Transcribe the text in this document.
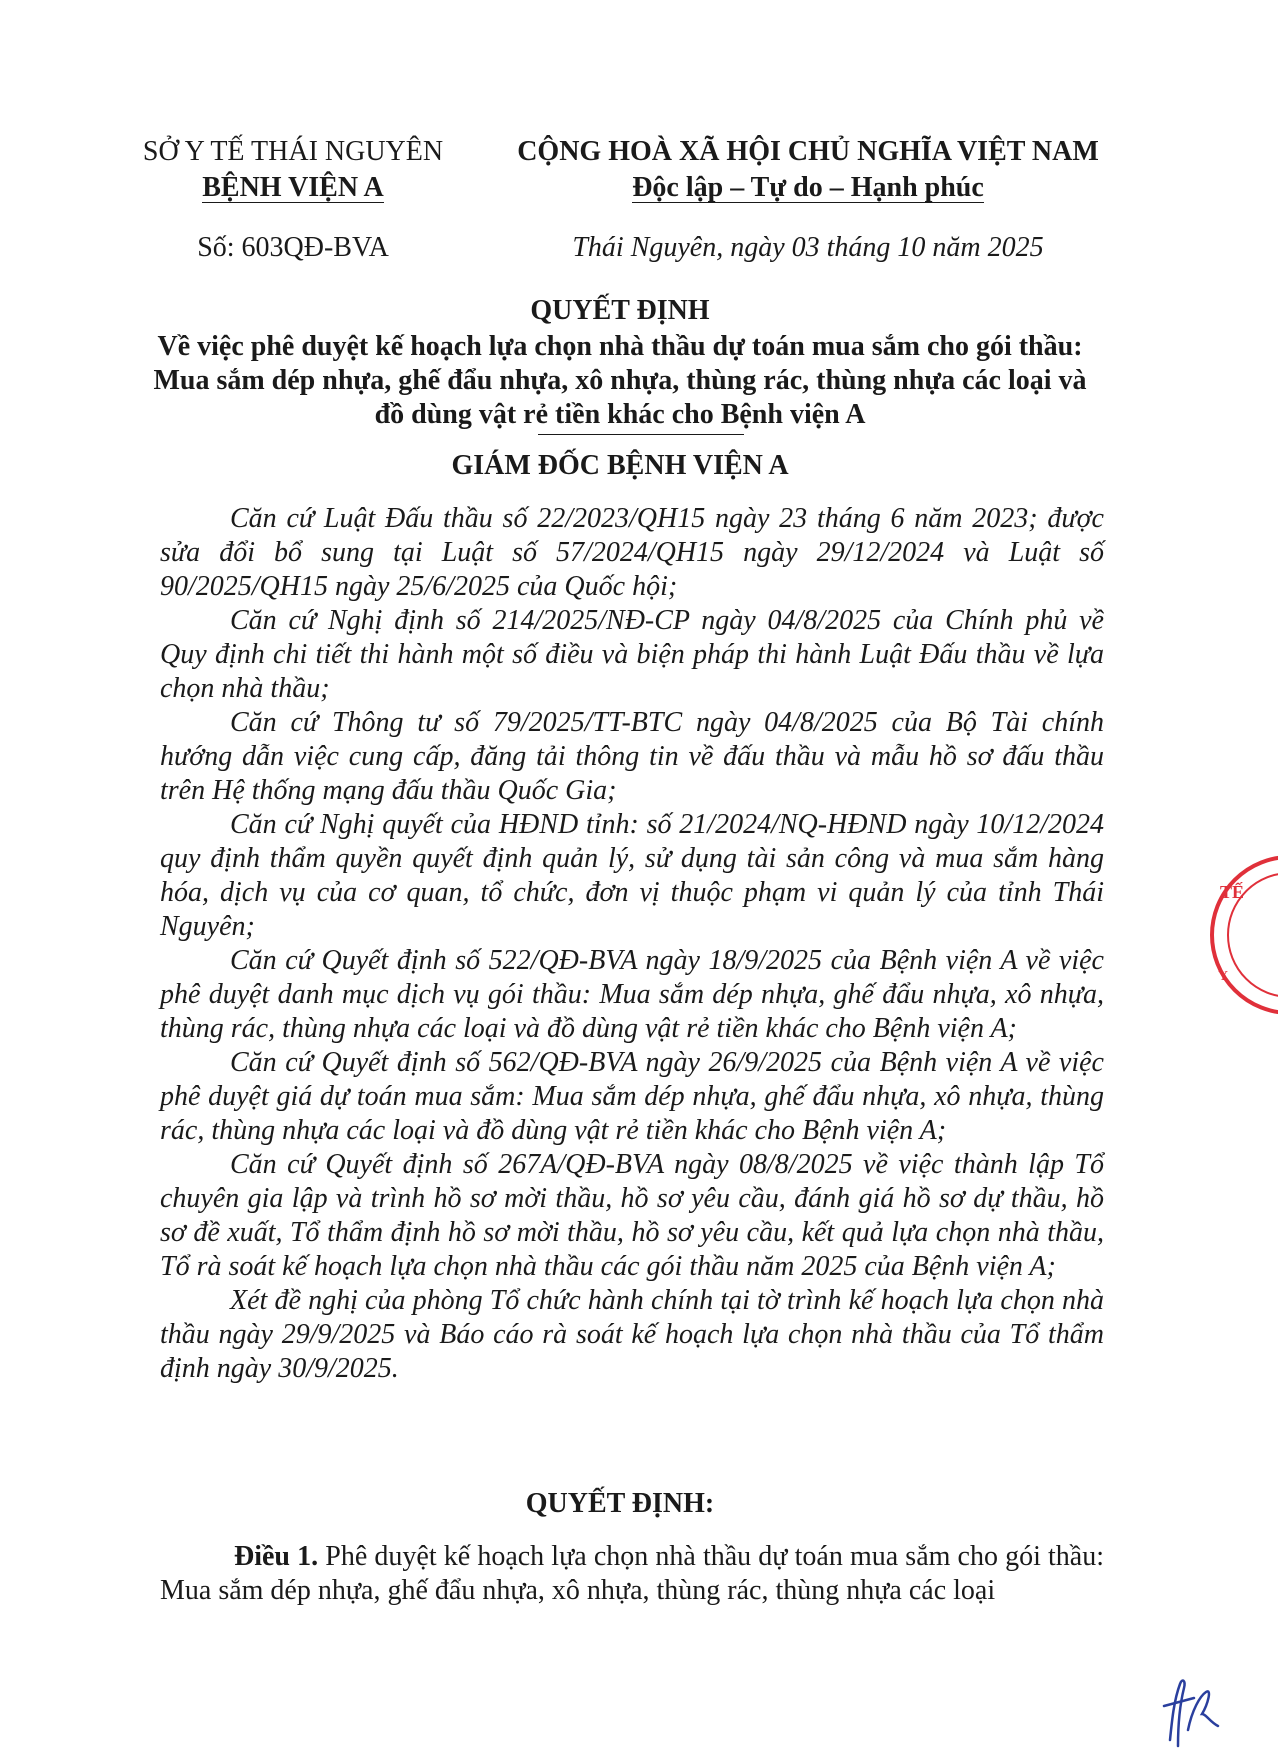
SỞ Y TẾ THÁI NGUYÊN
BỆNH VIỆN A
CỘNG HOÀ XÃ HỘI CHỦ NGHĨA VIỆT NAM
Độc lập – Tự do – Hạnh phúc
Số: 603QĐ-BVA	Thái Nguyên, ngày 03 tháng 10 năm 2025
QUYẾT ĐỊNH
Về việc phê duyệt kế hoạch lựa chọn nhà thầu dự toán mua sắm cho gói thầu: Mua sắm dép nhựa, ghế đẩu nhựa, xô nhựa, thùng rác, thùng nhựa các loại và đồ dùng vật rẻ tiền khác cho Bệnh viện A
GIÁM ĐỐC BỆNH VIỆN A

Căn cứ Luật Đấu thầu số 22/2023/QH15 ngày 23 tháng 6 năm 2023; được sửa đổi bổ sung tại Luật số 57/2024/QH15 ngày 29/12/2024 và Luật số 90/2025/QH15 ngày 25/6/2025 của Quốc hội;

Căn cứ Nghị định số 214/2025/NĐ-CP ngày 04/8/2025 của Chính phủ về Quy định chi tiết thi hành một số điều và biện pháp thi hành Luật Đấu thầu về lựa chọn nhà thầu;

Căn cứ Thông tư số 79/2025/TT-BTC ngày 04/8/2025 của Bộ Tài chính hướng dẫn việc cung cấp, đăng tải thông tin về đấu thầu và mẫu hồ sơ đấu thầu trên Hệ thống mạng đấu thầu Quốc Gia;

Căn cứ Nghị quyết của HĐND tỉnh: số 21/2024/NQ-HĐND ngày 10/12/2024 quy định thẩm quyền quyết định quản lý, sử dụng tài sản công và mua sắm hàng hóa, dịch vụ của cơ quan, tổ chức, đơn vị thuộc phạm vi quản lý của tỉnh Thái Nguyên;

Căn cứ Quyết định số 522/QĐ-BVA ngày 18/9/2025 của Bệnh viện A về việc phê duyệt danh mục dịch vụ gói thầu: Mua sắm dép nhựa, ghế đẩu nhựa, xô nhựa, thùng rác, thùng nhựa các loại và đồ dùng vật rẻ tiền khác cho Bệnh viện A;

Căn cứ Quyết định số 562/QĐ-BVA ngày 26/9/2025 của Bệnh viện A về việc phê duyệt giá dự toán mua sắm: Mua sắm dép nhựa, ghế đẩu nhựa, xô nhựa, thùng rác, thùng nhựa các loại và đồ dùng vật rẻ tiền khác cho Bệnh viện A;

Căn cứ Quyết định số 267A/QĐ-BVA ngày 08/8/2025 về việc thành lập Tổ chuyên gia lập và trình hồ sơ mời thầu, hồ sơ yêu cầu, đánh giá hồ sơ dự thầu, hồ sơ đề xuất, Tổ thẩm định hồ sơ mời thầu, hồ sơ yêu cầu, kết quả lựa chọn nhà thầu, Tổ rà soát kế hoạch lựa chọn nhà thầu các gói thầu năm 2025 của Bệnh viện A;

Xét đề nghị của phòng Tổ chức hành chính tại tờ trình kế hoạch lựa chọn nhà thầu ngày 29/9/2025 và Báo cáo rà soát kế hoạch lựa chọn nhà thầu của Tổ thẩm định ngày 30/9/2025.

QUYẾT ĐỊNH:

Điều 1. Phê duyệt kế hoạch lựa chọn nhà thầu dự toán mua sắm cho gói thầu: Mua sắm dép nhựa, ghế đẩu nhựa, xô nhựa, thùng rác, thùng nhựa các loại

TẾ
Y
